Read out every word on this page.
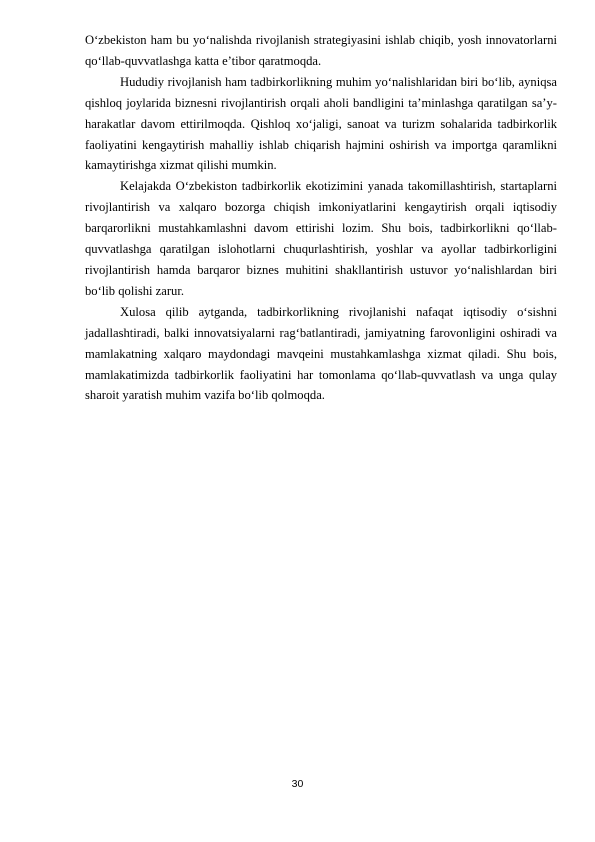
O‘zbekiston ham bu yo‘nalishda rivojlanish strategiyasini ishlab chiqib, yosh innovatorlarni qo‘llab-quvvatlashga katta e’tibor qaratmoqda.

Hududiy rivojlanish ham tadbirkorlikning muhim yo‘nalishlaridan biri bo‘lib, ayniqsa qishloq joylarida biznesni rivojlantirish orqali aholi bandligini ta’minlashga qaratilgan sa’y-harakatlar davom ettirilmoqda. Qishloq xo‘jaligi, sanoat va turizm sohalarida tadbirkorlik faoliyatini kengaytirish mahalliy ishlab chiqarish hajmini oshirish va importga qaramlikni kamaytirishga xizmat qilishi mumkin.

Kelajakda O‘zbekiston tadbirkorlik ekotizimini yanada takomillashtirish, startaplarni rivojlantirish va xalqaro bozorga chiqish imkoniyatlarini kengaytirish orqali iqtisodiy barqarorlikni mustahkamlashni davom ettirishi lozim. Shu bois, tadbirkorlikni qo‘llab-quvvatlashga qaratilgan islohotlarni chuqurlashtirish, yoshlar va ayollar tadbirkorligini rivojlantirish hamda barqaror biznes muhitini shakllantirish ustuvor yo‘nalishlardan biri bo‘lib qolishi zarur.

Xulosa qilib aytganda, tadbirkorlikning rivojlanishi nafaqat iqtisodiy o‘sishni jadallashtiradi, balki innovatsiyalarni rag‘batlantiradi, jamiyatning farovonligini oshiradi va mamlakatning xalqaro maydondagi mavqeini mustahkamlashga xizmat qiladi. Shu bois, mamlakatimizda tadbirkorlik faoliyatini har tomonlama qo‘llab-quvvatlash va unga qulay sharoit yaratish muhim vazifa bo‘lib qolmoqda.

30
